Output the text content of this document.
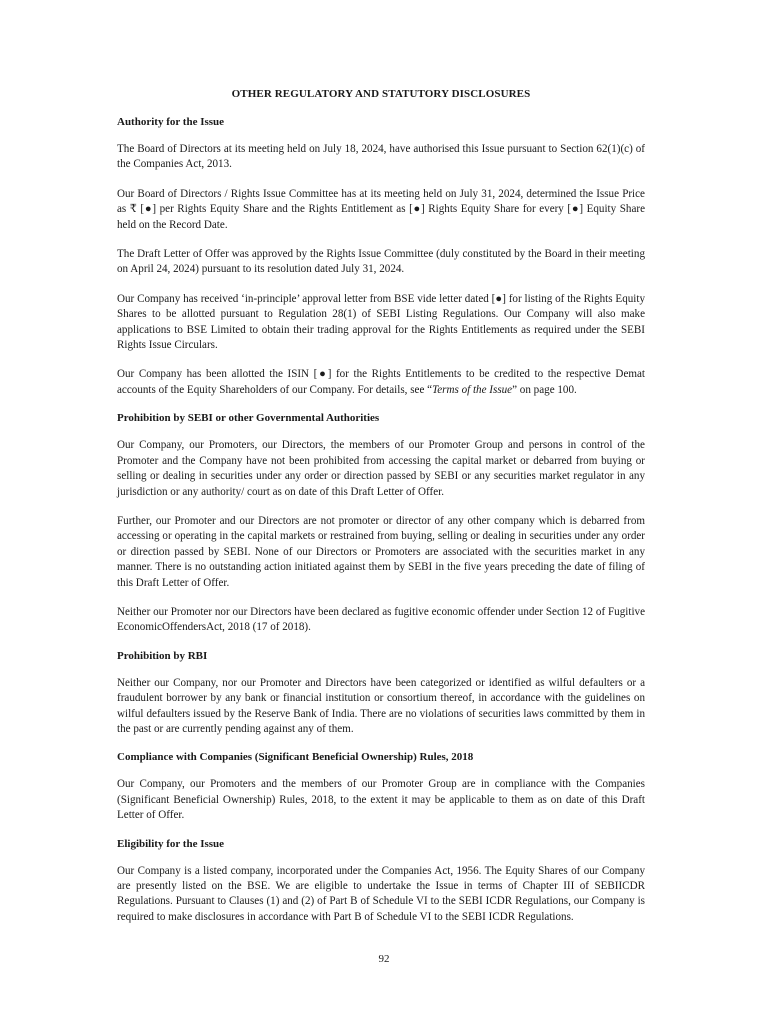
OTHER REGULATORY AND STATUTORY DISCLOSURES
Authority for the Issue

The Board of Directors at its meeting held on July 18, 2024, have authorised this Issue pursuant to Section 62(1)(c) of the Companies Act, 2013.

Our Board of Directors / Rights Issue Committee has at its meeting held on July 31, 2024, determined the Issue Price as ₹ [●] per Rights Equity Share and the Rights Entitlement as [●] Rights Equity Share for every [●] Equity Share held on the Record Date.

The Draft Letter of Offer was approved by the Rights Issue Committee (duly constituted by the Board in their meeting on April 24, 2024) pursuant to its resolution dated July 31, 2024.

Our Company has received ‘in-principle’ approval letter from BSE vide letter dated [●] for listing of the Rights Equity Shares to be allotted pursuant to Regulation 28(1) of SEBI Listing Regulations. Our Company will also make applications to BSE Limited to obtain their trading approval for the Rights Entitlements as required under the SEBI Rights Issue Circulars.

Our Company has been allotted the ISIN [●] for the Rights Entitlements to be credited to the respective Demat accounts of the Equity Shareholders of our Company. For details, see “Terms of the Issue” on page 100.

Prohibition by SEBI or other Governmental Authorities

Our Company, our Promoters, our Directors, the members of our Promoter Group and persons in control of the Promoter and the Company have not been prohibited from accessing the capital market or debarred from buying or selling or dealing in securities under any order or direction passed by SEBI or any securities market regulator in any jurisdiction or any authority/ court as on date of this Draft Letter of Offer.

Further, our Promoter and our Directors are not promoter or director of any other company which is debarred from accessing or operating in the capital markets or restrained from buying, selling or dealing in securities under any order or direction passed by SEBI. None of our Directors or Promoters are associated with the securities market in any manner. There is no outstanding action initiated against them by SEBI in the five years preceding the date of filing of this Draft Letter of Offer.

Neither our Promoter nor our Directors have been declared as fugitive economic offender under Section 12 of Fugitive EconomicOffendersAct, 2018 (17 of 2018).

Prohibition by RBI

Neither our Company, nor our Promoter and Directors have been categorized or identified as wilful defaulters or a fraudulent borrower by any bank or financial institution or consortium thereof, in accordance with the guidelines on wilful defaulters issued by the Reserve Bank of India. There are no violations of securities laws committed by them in the past or are currently pending against any of them.

Compliance with Companies (Significant Beneficial Ownership) Rules, 2018

Our Company, our Promoters and the members of our Promoter Group are in compliance with the Companies (Significant Beneficial Ownership) Rules, 2018, to the extent it may be applicable to them as on date of this Draft Letter of Offer.

Eligibility for the Issue

Our Company is a listed company, incorporated under the Companies Act, 1956. The Equity Shares of our Company are presently listed on the BSE. We are eligible to undertake the Issue in terms of Chapter III of SEBIICDR Regulations. Pursuant to Clauses (1) and (2) of Part B of Schedule VI to the SEBI ICDR Regulations, our Company is required to make disclosures in accordance with Part B of Schedule VI to the SEBI ICDR Regulations.

92
